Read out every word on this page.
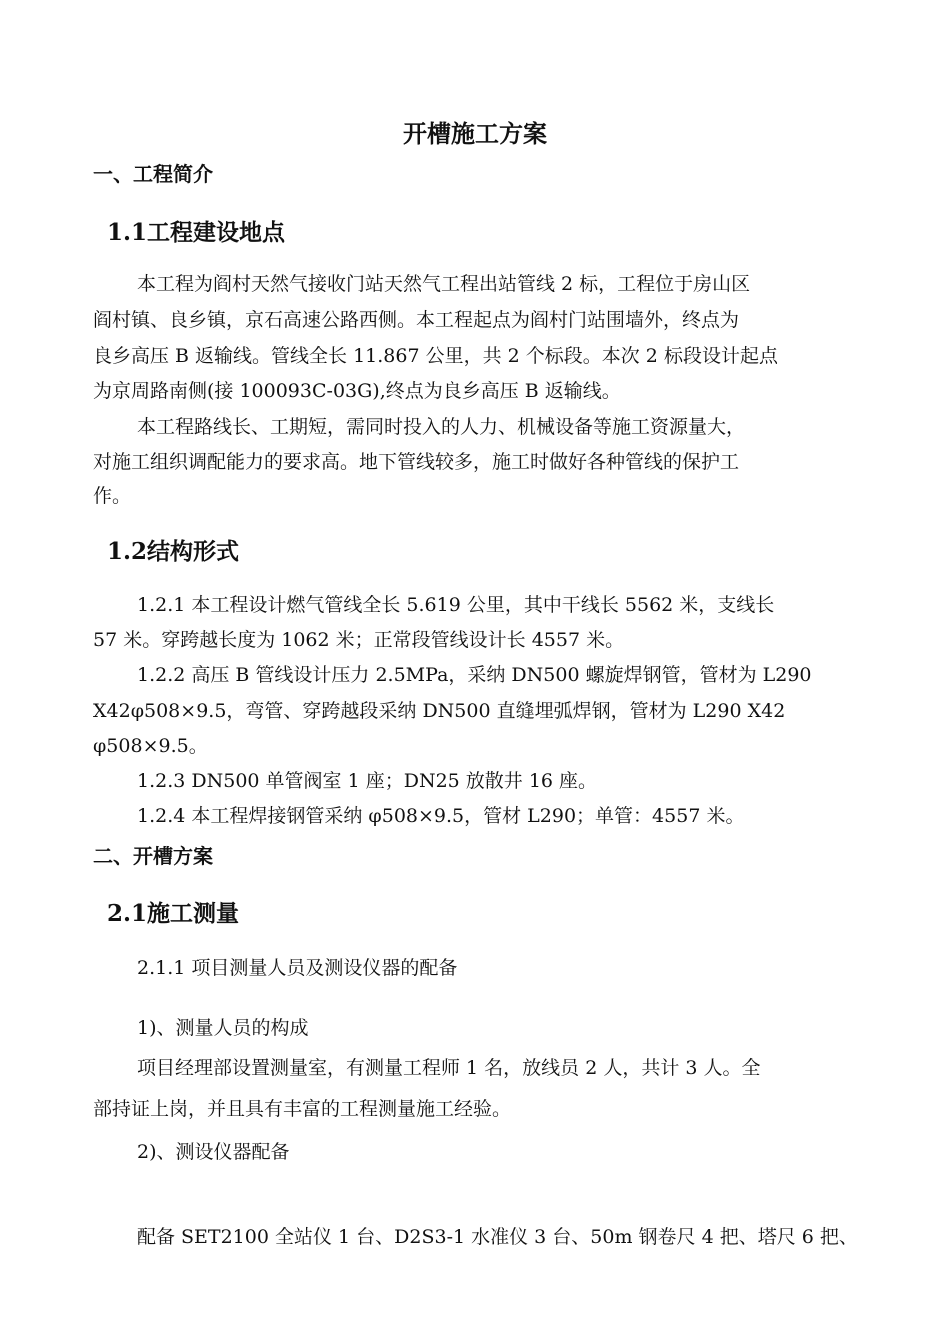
开槽施工方案
一、工程简介
1.1工程建设地点
本工程为阎村天然气接收门站天然气工程出站管线 2 标，工程位于房山区
阎村镇、良乡镇，京石高速公路西侧。本工程起点为阎村门站围墙外，终点为
良乡高压 B 返输线。管线全长 11.867 公里，共 2 个标段。本次 2 标段设计起点
为京周路南侧(接 100093C-03G),终点为良乡高压 B 返输线。
本工程路线长、工期短，需同时投入的人力、机械设备等施工资源量大，
对施工组织调配能力的要求高。地下管线较多，施工时做好各种管线的保护工
作。
1.2结构形式
1.2.1 本工程设计燃气管线全长 5.619 公里，其中干线长 5562 米，支线长
57 米。穿跨越长度为 1062 米；正常段管线设计长 4557 米。
1.2.2 高压 B 管线设计压力 2.5MPa，采纳 DN500 螺旋焊钢管，管材为 L290
X42φ508×9.5，弯管、穿跨越段采纳 DN500 直缝埋弧焊钢，管材为 L290 X42
φ508×9.5。
1.2.3 DN500 单管阀室 1 座；DN25 放散井 16 座。
1.2.4 本工程焊接钢管采纳 φ508×9.5，管材 L290；单管：4557 米。
二、开槽方案
2.1施工测量
2.1.1 项目测量人员及测设仪器的配备
1)、测量人员的构成
项目经理部设置测量室，有测量工程师 1 名，放线员 2 人，共计 3 人。全
部持证上岗，并且具有丰富的工程测量施工经验。
2)、测设仪器配备
配备 SET2100 全站仪 1 台、D2S3-1 水准仪 3 台、50m 钢卷尺 4 把、塔尺 6 把、
